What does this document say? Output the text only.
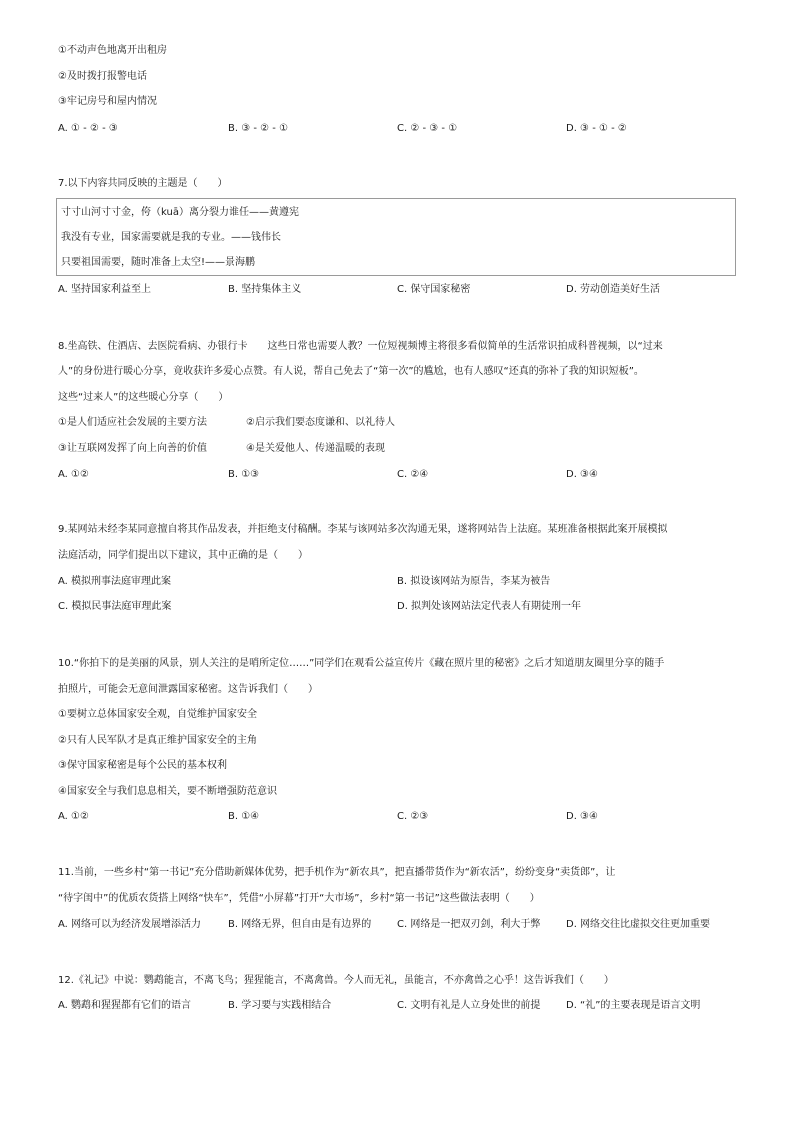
①不动声色地离开出租房
②及时拨打报警电话
③牢记房号和屋内情况
A. ① - ② - ③	B. ③ - ② - ①	C. ② - ③ - ①	D. ③ - ① - ②
7.以下内容共同反映的主题是（　　）
寸寸山河寸寸金，侉（kuā）离分裂力谁任——黄遵宪
我没有专业，国家需要就是我的专业。——钱伟长
只要祖国需要，随时准备上太空!——景海鹏
A. 坚持国家利益至上	B. 坚持集体主义	C. 保守国家秘密	D. 劳动创造美好生活
8.坐高铁、住酒店、去医院看病、办银行卡　　这些日常也需要人教？一位短视频博主将很多看似简单的生活常识拍成科普视频，以“过来
人”的身份进行暖心分享，竟收获许多爱心点赞。有人说，帮自己免去了“第一次”的尴尬，也有人感叹“还真的弥补了我的知识短板”。
这些“过来人”的这些暖心分享（　　）
①是人们适应社会发展的主要方法	②启示我们要态度谦和、以礼待人
③让互联网发挥了向上向善的价值	④是关爱他人、传递温暖的表现
A. ①②	B. ①③	C. ②④	D. ③④
9.某网站未经李某同意擅自将其作品发表，并拒绝支付稿酬。李某与该网站多次沟通无果，遂将网站告上法庭。某班准备根据此案开展模拟
法庭活动，同学们提出以下建议，其中正确的是（　　）
A. 模拟刑事法庭审理此案	B. 拟设该网站为原告，李某为被告
C. 模拟民事法庭审理此案	D. 拟判处该网站法定代表人有期徒刑一年
10.“你拍下的是美丽的风景，别人关注的是哨所定位……”同学们在观看公益宣传片《藏在照片里的秘密》之后才知道朋友圈里分享的随手
拍照片，可能会无意间泄露国家秘密。这告诉我们（　　）
①要树立总体国家安全观，自觉维护国家安全
②只有人民军队才是真正维护国家安全的主角
③保守国家秘密是每个公民的基本权利
④国家安全与我们息息相关，要不断增强防范意识
A. ①②	B. ①④	C. ②③	D. ③④
11.当前，一些乡村“第一书记”充分借助新媒体优势，把手机作为“新农具”，把直播带货作为“新农活”，纷纷变身“卖货郎”，让
“待字闺中”的优质农货搭上网络“快车”，凭借“小屏幕”打开“大市场”，乡村“第一书记”这些做法表明（　　）
A. 网络可以为经济发展增添活力	B. 网络无界，但自由是有边界的	C. 网络是一把双刃剑，利大于弊	D. 网络交往比虚拟交往更加重要
12.《礼记》中说：鹦鹉能言，不离飞鸟；猩猩能言，不离禽兽。今人而无礼，虽能言，不亦禽兽之心乎！这告诉我们（　　）
A. 鹦鹉和猩猩都有它们的语言	B. 学习要与实践相结合	C. 文明有礼是人立身处世的前提	D. “礼”的主要表现是语言文明
